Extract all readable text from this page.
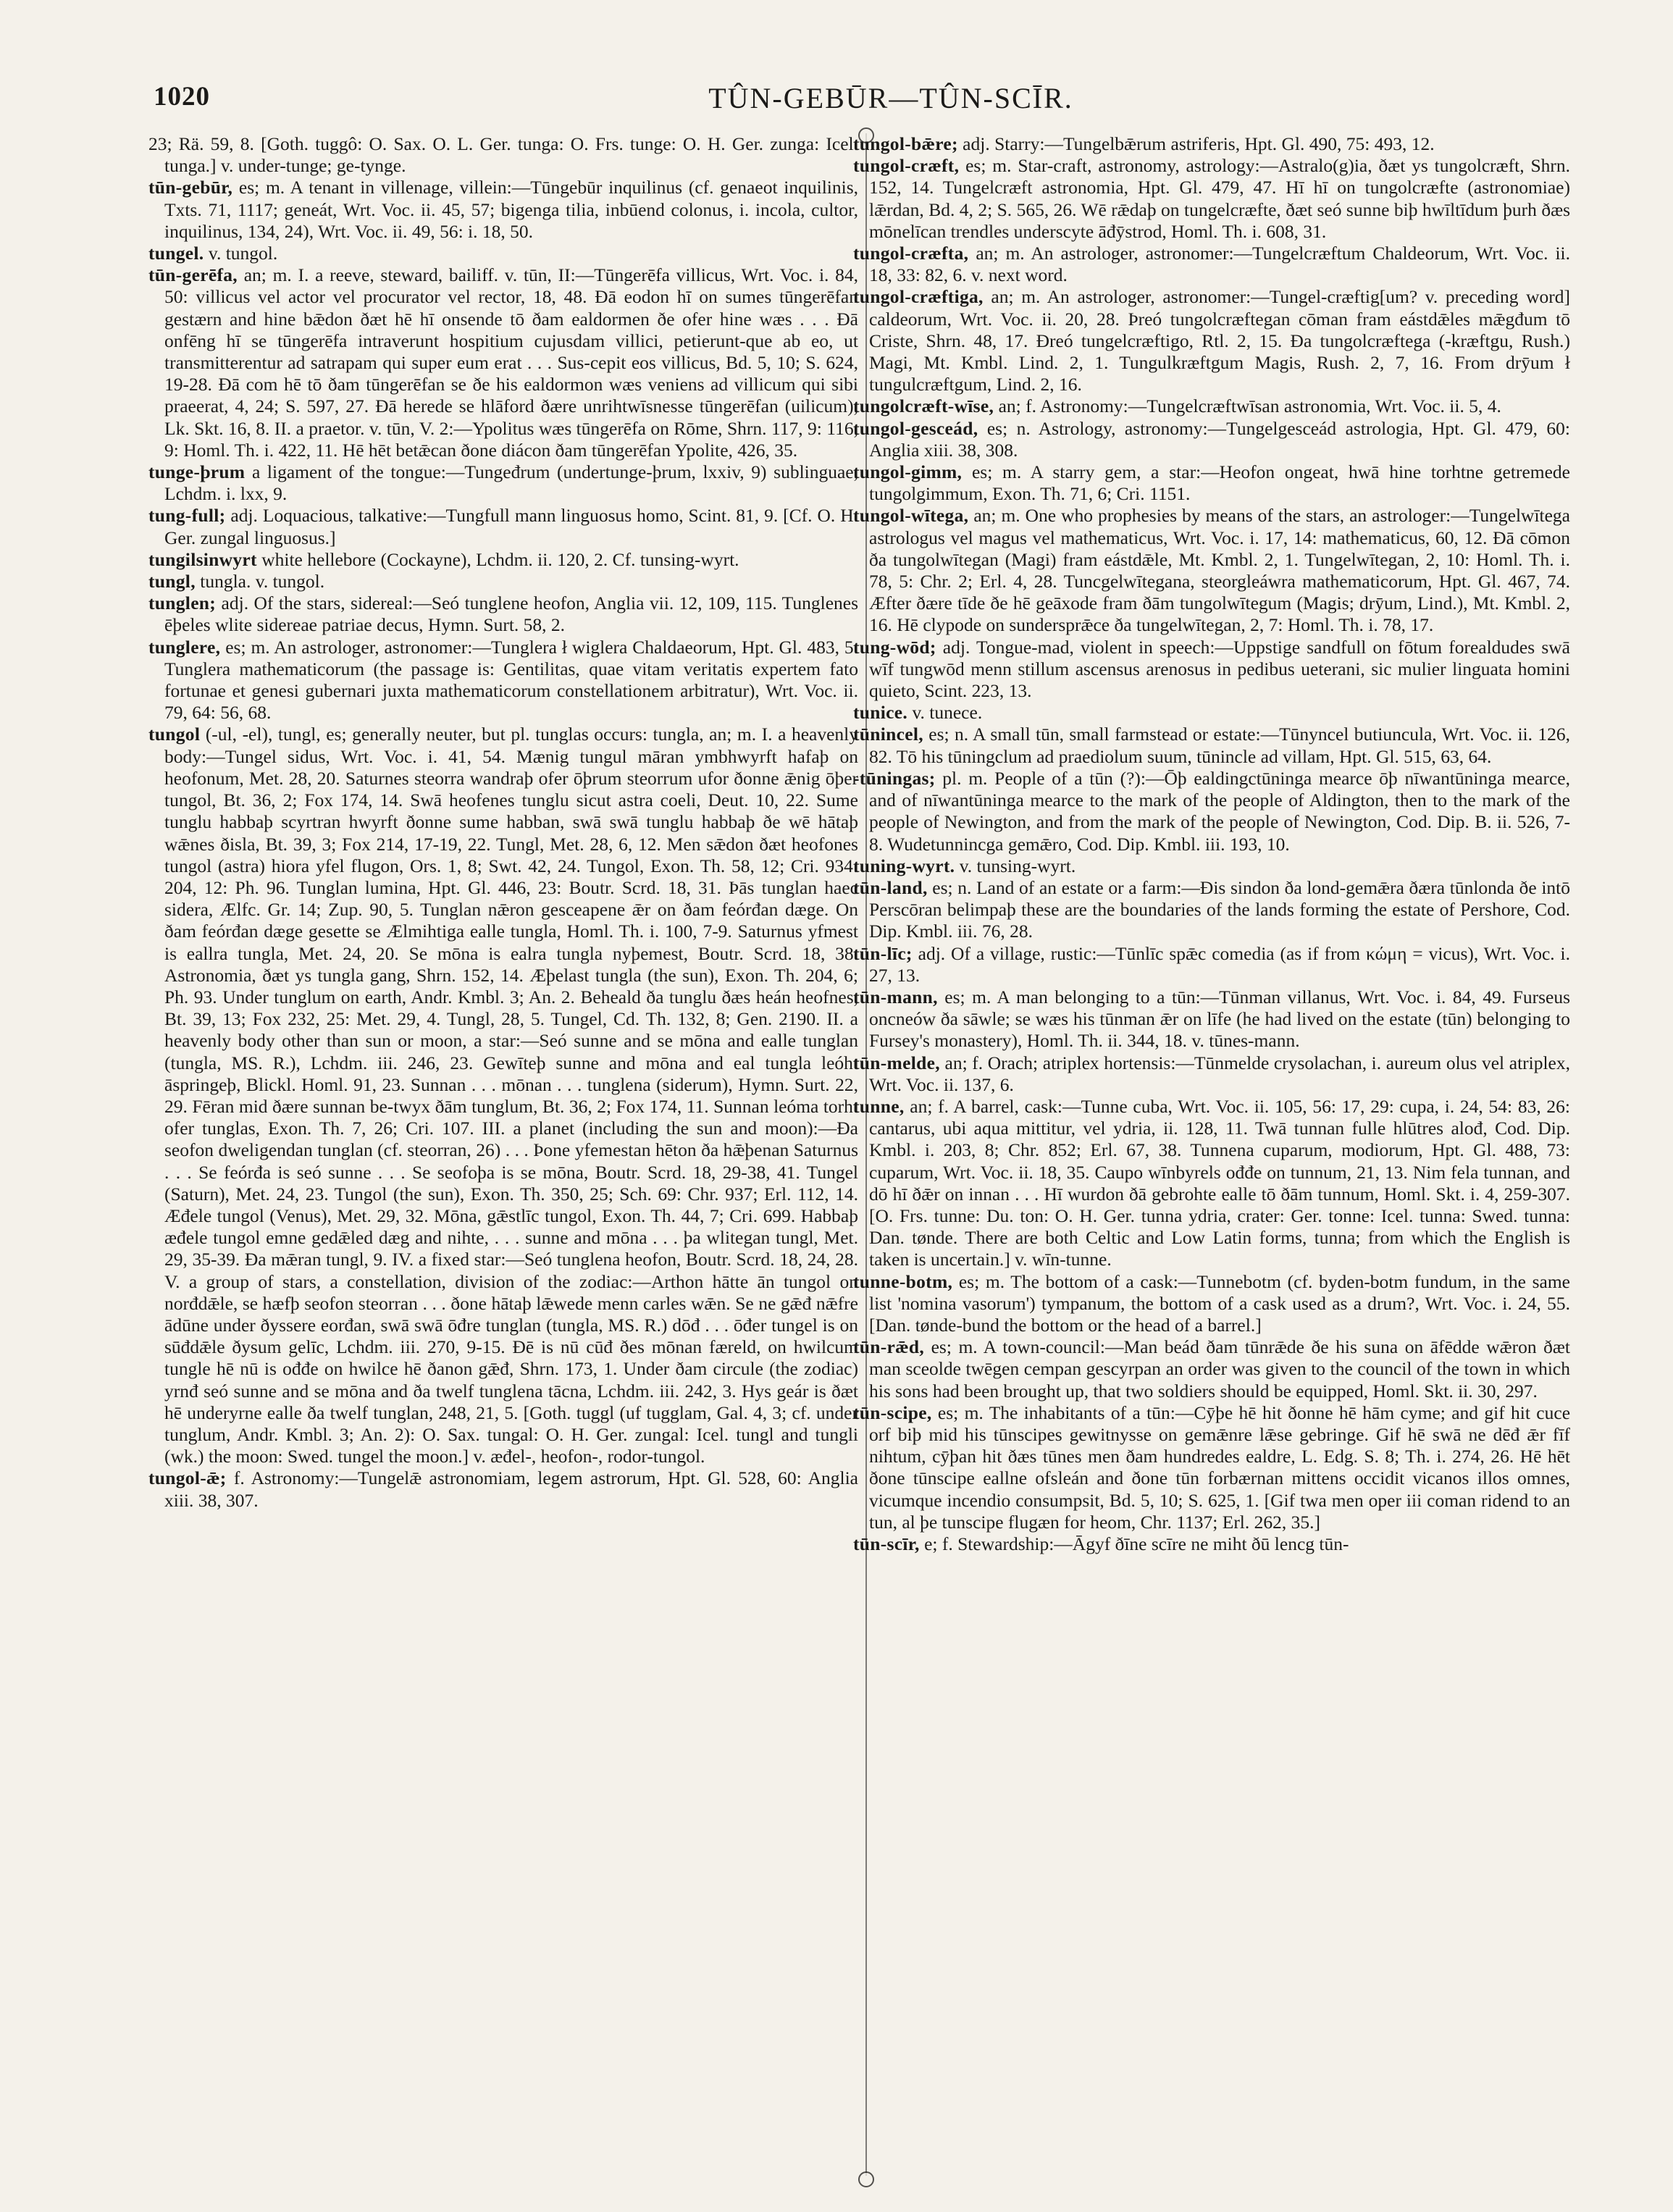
1020	TÛN-GEBŪR—TÛN-SCĪR.

23; Rä. 59, 8. [Goth. tuggô: O. Sax. O. L. Ger. tunga: O. Frs. tunge: O. H. Ger. zunga: Icel. tunga.] v. under-tunge; ge-tynge.

tūn-gebūr, es; m. A tenant in villenage, villein:—Tūngebūr inquilinus (cf. genaeot inquilinis, Txts. 71, 1117; geneát, Wrt. Voc. ii. 45, 57; bigenga tilia, inbūend colonus, i. incola, cultor, inquilinus, 134, 24), Wrt. Voc. ii. 49, 56: i. 18, 50.

tungel. v. tungol.

tūn-gerēfa, an; m. I. a reeve, steward, bailiff. v. tūn, II:—Tūngerēfa villicus, Wrt. Voc. i. 84, 50: villicus vel actor vel procurator vel rector, 18, 48. Đā eodon hī on sumes tūngerēfan gestærn and hine bǣdon ðæt hē hī onsende tō ðam ealdormen ðe ofer hine wæs . . . Đā onfēng hī se tūngerēfa intraverunt hospitium cujusdam villici, petierunt-que ab eo, ut transmitterentur ad satrapam qui super eum erat . . . Sus-cepit eos villicus, Bd. 5, 10; S. 624, 19-28. Đā com hē tō ðam tūngerēfan se ðe his ealdormon wæs veniens ad villicum qui sibi praeerat, 4, 24; S. 597, 27. Đā herede se hlāford ðære unrihtwīsnesse tūngerēfan (uilicum), Lk. Skt. 16, 8. II. a praetor. v. tūn, V. 2:—Ypolitus wæs tūngerēfa on Rōme, Shrn. 117, 9: 116, 9: Homl. Th. i. 422, 11. Hē hēt betǣcan ðone diácon ðam tūngerēfan Ypolite, 426, 35.

tunge-þrum a ligament of the tongue:—Tungeđrum (undertunge-þrum, lxxiv, 9) sublinguae, Lchdm. i. lxx, 9.

tung-full; adj. Loquacious, talkative:—Tungfull mann linguosus homo, Scint. 81, 9. [Cf. O. H. Ger. zungal linguosus.]

tungilsinwyrt white hellebore (Cockayne), Lchdm. ii. 120, 2. Cf. tunsing-wyrt.

tungl, tungla. v. tungol.

tunglen; adj. Of the stars, sidereal:—Seó tunglene heofon, Anglia vii. 12, 109, 115. Tunglenes ēþeles wlite sidereae patriae decus, Hymn. Surt. 58, 2.

tunglere, es; m. An astrologer, astronomer:—Tunglera ł wiglera Chaldaeorum, Hpt. Gl. 483, 5. Tunglera mathematicorum (the passage is: Gentilitas, quae vitam veritatis expertem fato fortunae et genesi gubernari juxta mathematicorum constellationem arbitratur), Wrt. Voc. ii. 79, 64: 56, 68.

tungol (-ul, -el), tungl, es; generally neuter, but pl. tunglas occurs: tungla, an; m. I. a heavenly body:—Tungel sidus, Wrt. Voc. i. 41, 54. Mænig tungul māran ymbhwyrft hafaþ on heofonum, Met. 28, 20. Saturnes steorra wandraþ ofer ōþrum steorrum ufor ðonne ǣnig ōþer tungol, Bt. 36, 2; Fox 174, 14. Swā heofenes tunglu sicut astra coeli, Deut. 10, 22. Sume tunglu habbaþ scyrtran hwyrft ðonne sume habban, swā swā tunglu habbaþ ðe wē hātaþ wǣnes ðisla, Bt. 39, 3; Fox 214, 17-19, 22. Tungl, Met. 28, 6, 12. Men sǣdon ðæt heofones tungol (astra) hiora yfel flugon, Ors. 1, 8; Swt. 42, 24. Tungol, Exon. Th. 58, 12; Cri. 934: 204, 12: Ph. 96. Tunglan lumina, Hpt. Gl. 446, 23: Boutr. Scrd. 18, 31. Þās tunglan haec sidera, Ælfc. Gr. 14; Zup. 90, 5. Tunglan nǣron gesceapene ǣr on ðam feórđan dæge. On ðam feórđan dæge gesette se Ælmihtiga ealle tungla, Homl. Th. i. 100, 7-9. Saturnus yfmest is eallra tungla, Met. 24, 20. Se mōna is ealra tungla nyþemest, Boutr. Scrd. 18, 38. Astronomia, ðæt ys tungla gang, Shrn. 152, 14. Æþelast tungla (the sun), Exon. Th. 204, 6; Ph. 93. Under tunglum on earth, Andr. Kmbl. 3; An. 2. Beheald ða tunglu ðæs heán heofnes, Bt. 39, 13; Fox 232, 25: Met. 29, 4. Tungl, 28, 5. Tungel, Cd. Th. 132, 8; Gen. 2190. II. a heavenly body other than sun or moon, a star:—Seó sunne and se mōna and ealle tunglan (tungla, MS. R.), Lchdm. iii. 246, 23. Gewīteþ sunne and mōna and eal tungla leóht āspringeþ, Blickl. Homl. 91, 23. Sunnan . . . mōnan . . . tunglena (siderum), Hymn. Surt. 22, 29. Fēran mid ðære sunnan be-twyx ðām tunglum, Bt. 36, 2; Fox 174, 11. Sunnan leóma torht ofer tunglas, Exon. Th. 7, 26; Cri. 107. III. a planet (including the sun and moon):—Đa seofon dweligendan tunglan (cf. steorran, 26) . . . Þone yfemestan hēton ða hǣþenan Saturnus . . . Se feórđa is seó sunne . . . Se seofoþa is se mōna, Boutr. Scrd. 18, 29-38, 41. Tungel (Saturn), Met. 24, 23. Tungol (the sun), Exon. Th. 350, 25; Sch. 69: Chr. 937; Erl. 112, 14. Æđele tungol (Venus), Met. 29, 32. Mōna, gǣstlīc tungol, Exon. Th. 44, 7; Cri. 699. Habbaþ æđele tungol emne gedǣled dæg and nihte, . . . sunne and mōna . . . þa wlitegan tungl, Met. 29, 35-39. Đa mǣran tungl, 9. IV. a fixed star:—Seó tunglena heofon, Boutr. Scrd. 18, 24, 28. V. a group of stars, a constellation, division of the zodiac:—Arthon hātte ān tungol on norđdǣle, se hæfþ seofon steorran . . . ðone hātaþ lǣwede menn carles wǣn. Se ne gǣđ nǣfre ādūne under ðyssere eorđan, swā swā ōđre tunglan (tungla, MS. R.) dōđ . . . ōđer tungel is on sūđdǣle ðysum gelīc, Lchdm. iii. 270, 9-15. Đē is nū cūđ ðes mōnan færeld, on hwilcum tungle hē nū is ođđe on hwilce hē ðanon gǣđ, Shrn. 173, 1. Under ðam circule (the zodiac) yrnđ seó sunne and se mōna and ða twelf tunglena tācna, Lchdm. iii. 242, 3. Hys geár is ðæt hē underyrne ealle ða twelf tunglan, 248, 21, 5. [Goth. tuggl (uf tugglam, Gal. 4, 3; cf. under tunglum, Andr. Kmbl. 3; An. 2): O. Sax. tungal: O. H. Ger. zungal: Icel. tungl and tungli (wk.) the moon: Swed. tungel the moon.] v. æđel-, heofon-, rodor-tungol.

tungol-ǣ; f. Astronomy:—Tungelǣ astronomiam, legem astrorum, Hpt. Gl. 528, 60: Anglia xiii. 38, 307.

tungol-bǣre; adj. Starry:—Tungelbǣrum astriferis, Hpt. Gl. 490, 75: 493, 12.

tungol-cræft, es; m. Star-craft, astronomy, astrology:—Astralo(g)ia, ðæt ys tungolcræft, Shrn. 152, 14. Tungelcræft astronomia, Hpt. Gl. 479, 47. Hī hī on tungolcræfte (astronomiae) lǣrdan, Bd. 4, 2; S. 565, 26. Wē rǣdaþ on tungelcræfte, ðæt seó sunne biþ hwīltīdum þurh ðæs mōnelīcan trendles underscyte āđȳstrod, Homl. Th. i. 608, 31.

tungol-cræfta, an; m. An astrologer, astronomer:—Tungelcræftum Chaldeorum, Wrt. Voc. ii. 18, 33: 82, 6. v. next word.

tungol-cræftiga, an; m. An astrologer, astronomer:—Tungel-cræftig[um? v. preceding word] caldeorum, Wrt. Voc. ii. 20, 28. Þreó tungolcræftegan cōman fram eástdǣles mǣgđum tō Criste, Shrn. 48, 17. Đreó tungelcræftigo, Rtl. 2, 15. Đa tungolcræftega (-kræftgu, Rush.) Magi, Mt. Kmbl. Lind. 2, 1. Tungulkræftgum Magis, Rush. 2, 7, 16. From drȳum ł tungulcræftgum, Lind. 2, 16.

tungolcræft-wīse, an; f. Astronomy:—Tungelcræftwīsan astronomia, Wrt. Voc. ii. 5, 4.

tungol-gesceád, es; n. Astrology, astronomy:—Tungelgesceád astrologia, Hpt. Gl. 479, 60: Anglia xiii. 38, 308.

tungol-gimm, es; m. A starry gem, a star:—Heofon ongeat, hwā hine torhtne getremede tungolgimmum, Exon. Th. 71, 6; Cri. 1151.

tungol-wītega, an; m. One who prophesies by means of the stars, an astrologer:—Tungelwītega astrologus vel magus vel mathematicus, Wrt. Voc. i. 17, 14: mathematicus, 60, 12. Đā cōmon ða tungolwītegan (Magi) fram eástdǣle, Mt. Kmbl. 2, 1. Tungelwītegan, 2, 10: Homl. Th. i. 78, 5: Chr. 2; Erl. 4, 28. Tuncgelwītegana, steorgleáwra mathematicorum, Hpt. Gl. 467, 74. Æfter ðære tīde ðe hē geāxode fram ðām tungolwītegum (Magis; drȳum, Lind.), Mt. Kmbl. 2, 16. Hē clypode on sundersprǣce ða tungelwītegan, 2, 7: Homl. Th. i. 78, 17.

tung-wōd; adj. Tongue-mad, violent in speech:—Uppstige sandfull on fōtum forealdudes swā wīf tungwōd menn stillum ascensus arenosus in pedibus ueterani, sic mulier linguata homini quieto, Scint. 223, 13.

tunice. v. tunece.

tūnincel, es; n. A small tūn, small farmstead or estate:—Tūnyncel butiuncula, Wrt. Voc. ii. 126, 82. Tō his tūningclum ad praediolum suum, tūnincle ad villam, Hpt. Gl. 515, 63, 64.

-tūningas; pl. m. People of a tūn (?):—Ōþ ealdingctūninga mearce ōþ nīwantūninga mearce, and of nīwantūninga mearce to the mark of the people of Aldington, then to the mark of the people of Newington, and from the mark of the people of Newington, Cod. Dip. B. ii. 526, 7-8. Wudetunnincga gemǣro, Cod. Dip. Kmbl. iii. 193, 10.

tuning-wyrt. v. tunsing-wyrt.

tūn-land, es; n. Land of an estate or a farm:—Đis sindon ða lond-gemǣra ðæra tūnlonda ðe intō Perscōran belimpaþ these are the boundaries of the lands forming the estate of Pershore, Cod. Dip. Kmbl. iii. 76, 28.

tūn-līc; adj. Of a village, rustic:—Tūnlīc spǣc comedia (as if from κώμη = vicus), Wrt. Voc. i. 27, 13.

tūn-mann, es; m. A man belonging to a tūn:—Tūnman villanus, Wrt. Voc. i. 84, 49. Furseus oncneów ða sāwle; se wæs his tūnman ǣr on līfe (he had lived on the estate (tūn) belonging to Fursey's monastery), Homl. Th. ii. 344, 18. v. tūnes-mann.

tūn-melde, an; f. Orach; atriplex hortensis:—Tūnmelde crysolachan, i. aureum olus vel atriplex, Wrt. Voc. ii. 137, 6.

tunne, an; f. A barrel, cask:—Tunne cuba, Wrt. Voc. ii. 105, 56: 17, 29: cupa, i. 24, 54: 83, 26: cantarus, ubi aqua mittitur, vel ydria, ii. 128, 11. Twā tunnan fulle hlūtres alođ, Cod. Dip. Kmbl. i. 203, 8; Chr. 852; Erl. 67, 38. Tunnena cuparum, modiorum, Hpt. Gl. 488, 73: cuparum, Wrt. Voc. ii. 18, 35. Caupo wīnbyrels ođđe on tunnum, 21, 13. Nim fela tunnan, and dō hī ðǣr on innan . . . Hī wurdon ðā gebrohte ealle tō ðām tunnum, Homl. Skt. i. 4, 259-307. [O. Frs. tunne: Du. ton: O. H. Ger. tunna ydria, crater: Ger. tonne: Icel. tunna: Swed. tunna: Dan. tønde. There are both Celtic and Low Latin forms, tunna; from which the English is taken is uncertain.] v. wīn-tunne.

tunne-botm, es; m. The bottom of a cask:—Tunnebotm (cf. byden-botm fundum, in the same list 'nomina vasorum') tympanum, the bottom of a cask used as a drum?, Wrt. Voc. i. 24, 55. [Dan. tønde-bund the bottom or the head of a barrel.]

tūn-rǣd, es; m. A town-council:—Man beád ðam tūnrǣde ðe his suna on āfēdde wǣron ðæt man sceolde twēgen cempan gescyrpan an order was given to the council of the town in which his sons had been brought up, that two soldiers should be equipped, Homl. Skt. ii. 30, 297.

tūn-scipe, es; m. The inhabitants of a tūn:—Cȳþe hē hit ðonne hē hām cyme; and gif hit cuce orf biþ mid his tūnscipes gewitnysse on gemǣnre lǣse gebringe. Gif hē swā ne dēđ ǣr fīf nihtum, cȳþan hit ðæs tūnes men ðam hundredes ealdre, L. Edg. S. 8; Th. i. 274, 26. Hē hēt ðone tūnscipe eallne ofsleán and ðone tūn forbærnan mittens occidit vicanos illos omnes, vicumque incendio consumpsit, Bd. 5, 10; S. 625, 1. [Gif twa men oper iii coman ridend to an tun, al þe tunscipe flugæn for heom, Chr. 1137; Erl. 262, 35.]

tūn-scīr, e; f. Stewardship:—Āgyf ðīne scīre ne miht ðū lencg tūn-
